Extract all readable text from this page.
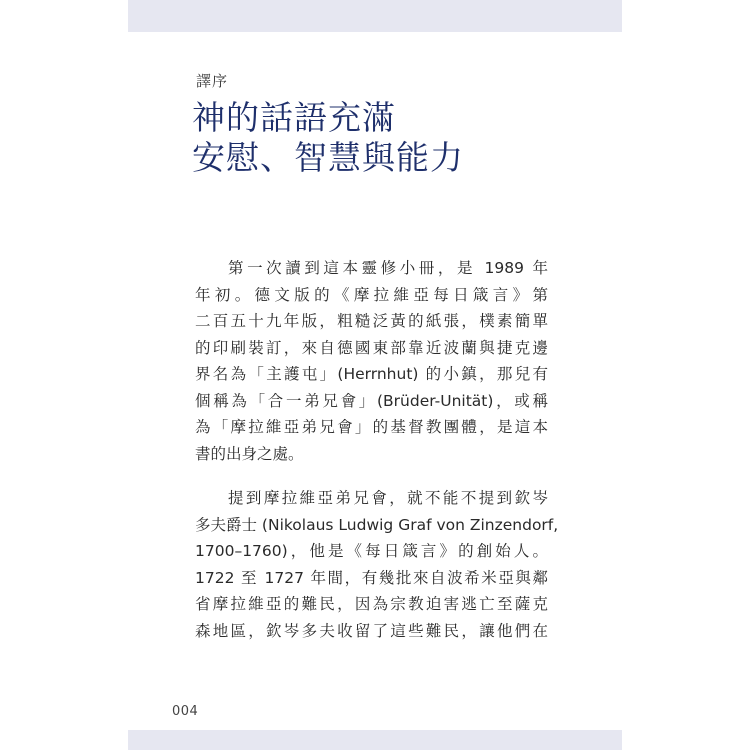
譯序
神的話語充滿
安慰、智慧與能力
第一次讀到這本靈修小冊，是 1989 年
年初。德文版的《摩拉維亞每日箴言》第
二百五十九年版，粗糙泛黃的紙張，樸素簡單
的印刷裝訂，來自德國東部靠近波蘭與捷克邊
界名為「主護屯」(Herrnhut) 的小鎮，那兒有
個稱為「合一弟兄會」(Brüder-Unität)，或稱
為「摩拉維亞弟兄會」的基督教團體，是這本
書的出身之處。
提到摩拉維亞弟兄會，就不能不提到欽岑
多夫爵士 (Nikolaus Ludwig Graf von Zinzendorf,
1700–1760)，他是《每日箴言》的創始人。
1722 至 1727 年間，有幾批來自波希米亞與鄰
省摩拉維亞的難民，因為宗教迫害逃亡至薩克
森地區，欽岑多夫收留了這些難民，讓他們在
004
